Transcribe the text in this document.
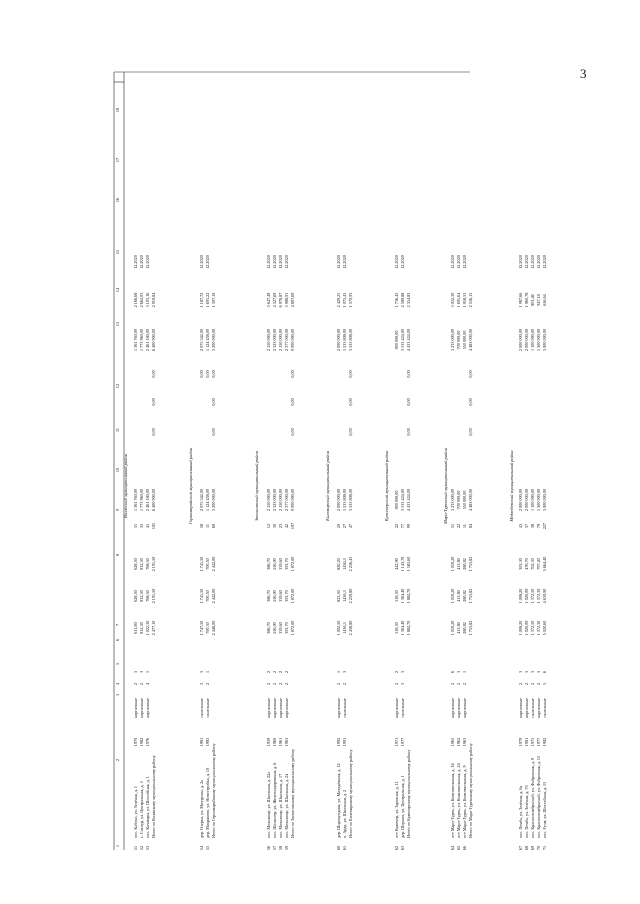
3
1
2
3
4
5
6
7
8
9
10
11
12
13
14
15
16
17
18
Волжский муниципальный район
51
пос. Кабоки, ул. Зелёная, д. 1
1970
кирпичные
2
3
611,80
628,50
628,50
31
1 361 760,00
1 361 760,00
2 166,68
12.2020
52
с. Сотнур, ул. Центральная, д. 5
1982
кирпичные
2
3
812,30
812,30
812,30
33
1 773 960,00
1 773 960,00
2 662,03
12.2020
53
пос. Кичмары, ул. Шоссейная, д. 1
1976
кирпичные
4
1
1 022,30
768,30
768,30
41
2 461 180,00
2 461 180,00
3 103,16
12.2020
Итого по Волжскому муниципальному району
2 477,10
2 191,50
2 191,50
105
6 400 900,00
0,00
0,00
0,00
6 400 900,00
2 919,84
Горномарийский муниципальный район
54
дер. Озерки, ул. Мичурина, д. 2а
1981
панельные
3
3
1 747,50
1 741,50
1 741,50
58
2 075 542,00
0,00
2 075 542,00
1 187,72
12.2020
55
дер. Микряково, ул. Новостройка, д. 10
1985
панельные
2
1
700,30
700,50
700,50
11
1 124 458,00
0,00
1 124 458,00
1 605,22
12.2020
Итого по Горномарийскому муниципальному району
2 448,00
2 442,00
2 442,00
69
3 200 000,00
0,00
0,00
0,00
3 200 000,00
1 307,19
Звениговский муниципальный район
56
пос. Мочалище, ул. Школьная, д. 22а
1959
кирпичные
2
2
386,70
386,70
386,70
12
2 150 000,00
2 150 000,00
5 647,49
12.2020
57
пос. Шелангер, ул. Железнодорожная, д. 6
1960
кирпичные
2
2
556,00
556,00
556,00
30
2 323 000,00
2 323 000,00
4 327,69
12.2020
58
пос. Мочалище, ул. Школьная, д. 17
1961
кирпичные
2
2
339,60
339,60
339,60
23
2 150 000,00
2 150 000,00
6 978,87
12.2020
59
пос. Мочалище, ул. Школьная, д. 24
1963
кирпичные
2
2
391,70
391,70
391,70
42
2 377 000,00
2 377 000,00
5 988,91
12.2020
Итого по Звениговскому муниципальному району
1 872,00
1 872,00
1 872,00
107
9 000 000,00
0,00
0,00
0,00
9 000 000,00
4 807,69
Килемарский муниципальный район
60
дер. Широкундыш, ул. Молодёжная, д. 12
1992
кирпичные
2
1
1 002,50
823,50
820,20
20
2 000 000,00
2 000 000,00
2 429,25
12.2020
61
п. Арда, ул. Школьная, д. 2
1991
панельные
2
3
1436,3
1436,3
1436,3
27
1 533 808,00
1 533 808,00
1 075,45
12.2020
Итого по Килемарскому муниципальному району
2 438,80
2 259,80
2 256,43
47
3 533 808,00
0,00
0,00
0,00
3 533 808,00
1 570,93
Куженерский муниципальный район
62
пгт Куженер, ул. Заречная, д. 11
1971
кирпичные
2
2
518,30
518,30
442,90
22
900 000,00
900 000,00
1 736,45
12.2020
63
дер. Шорино, ул. Центральная, д. 1
1977
панельные
3
3
1 364,40
1 364,40
1 143,70
77
3 533 424,00
3 533 424,00
2 589,88
12.2020
Итого по Куженерскому муниципальному району
1 882,70
1 882,70
1 585,60
99
4 433 424,00
0,00
0,00
0,00
4 433 424,00
2 354,83
Мари-Турекский муниципальный район
64
пгт Мари-Турек, ул. Комсомольская, д. 16
1965
кирпичные
2
6
1 059,20
1 059,20
1 059,20
51
3 233 000,00
3 233 000,00
3 052,30
12.2020
65
пгт Мари-Турек, ул. Комсомольская, д. 24
1962
кирпичные
2
3
413,80
413,80
413,80
22
700 000,00
700 000,00
1 691,64
12.2020
66
пгт Мари-Турек, ул. Комсомольская, д. 9
1963
кирпичные
2
1
280,82
280,82
280,82
11
550 000,00
550 000,00
1 958,55
12.2020
Итого по Мари-Турекскому муниципальному району
1 753,82
1 753,82
1 753,82
84
4 483 000,00
0,00
0,00
0,00
4 483 000,00
2 556,13
Медведевский муниципальный район
67
пос. Пемба, ул. Зелёная, д. 6а
1979
кирпичные
2
3
1 008,20
1 008,20
303,30
43
2 000 000,00
2 000 000,00
1 987,66
12.2020
68
пос. Пемба, ул. Зелёная, д. 7б
1981
кирпичные
2
3
1 020,09
1 020,09
476,70
37
2 000 000,00
2 000 000,00
1 960,78
12.2020
69
пос. Краснооктябрьский, ул. Фабричная, д. 9
1975
панельные
2
3
1 372,50
1 372,50
702,30
38
1 100 000,00
1 100 000,00
801,46
12.2020
70
пос. Краснооктябрьский, ул. Фабричная, д. 15
1977
кирпичные
2
3
1 372,30
1 372,30
797,40
79
1 300 000,00
1 300 000,00
947,18
12.2020
71
пос. Руэм, ул. Шоссейная, д. 15
1982
панельные
5
6
5 020,60
4 639,90
3 664,40
227
3 900 000,00
3 900 000,00
656,64
12.2020
